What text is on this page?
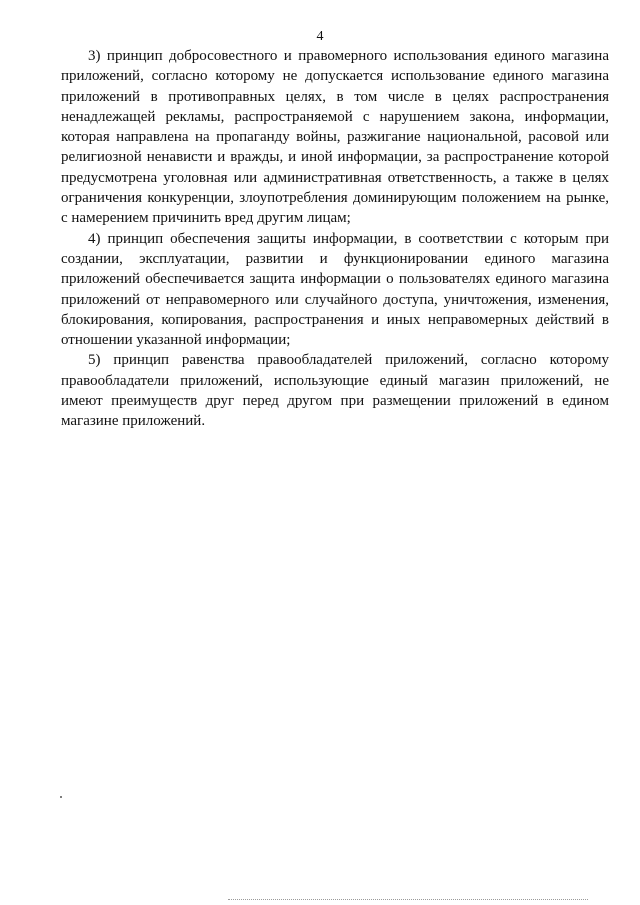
4

3) принцип добросовестного и правомерного использования единого магазина приложений, согласно которому не допускается использование единого магазина приложений в противоправных целях, в том числе в целях распространения ненадлежащей рекламы, распространяемой с нарушением закона, информации, которая направлена на пропаганду войны, разжигание национальной, расовой или религиозной ненависти и вражды, и иной информации, за распространение которой предусмотрена уголовная или административная ответственность, а также в целях ограничения конкуренции, злоупотребления доминирующим положением на рынке, с намерением причинить вред другим лицам;

4) принцип обеспечения защиты информации, в соответствии с которым при создании, эксплуатации, развитии и функционировании единого магазина приложений обеспечивается защита информации о пользователях единого магазина приложений от неправомерного или случайного доступа, уничтожения, изменения, блокирования, копирования, распространения и иных неправомерных действий в отношении указанной информации;

5) принцип равенства правообладателей приложений, согласно которому правообладатели приложений, использующие единый магазин приложений, не имеют преимуществ друг перед другом при размещении приложений в едином магазине приложений.
